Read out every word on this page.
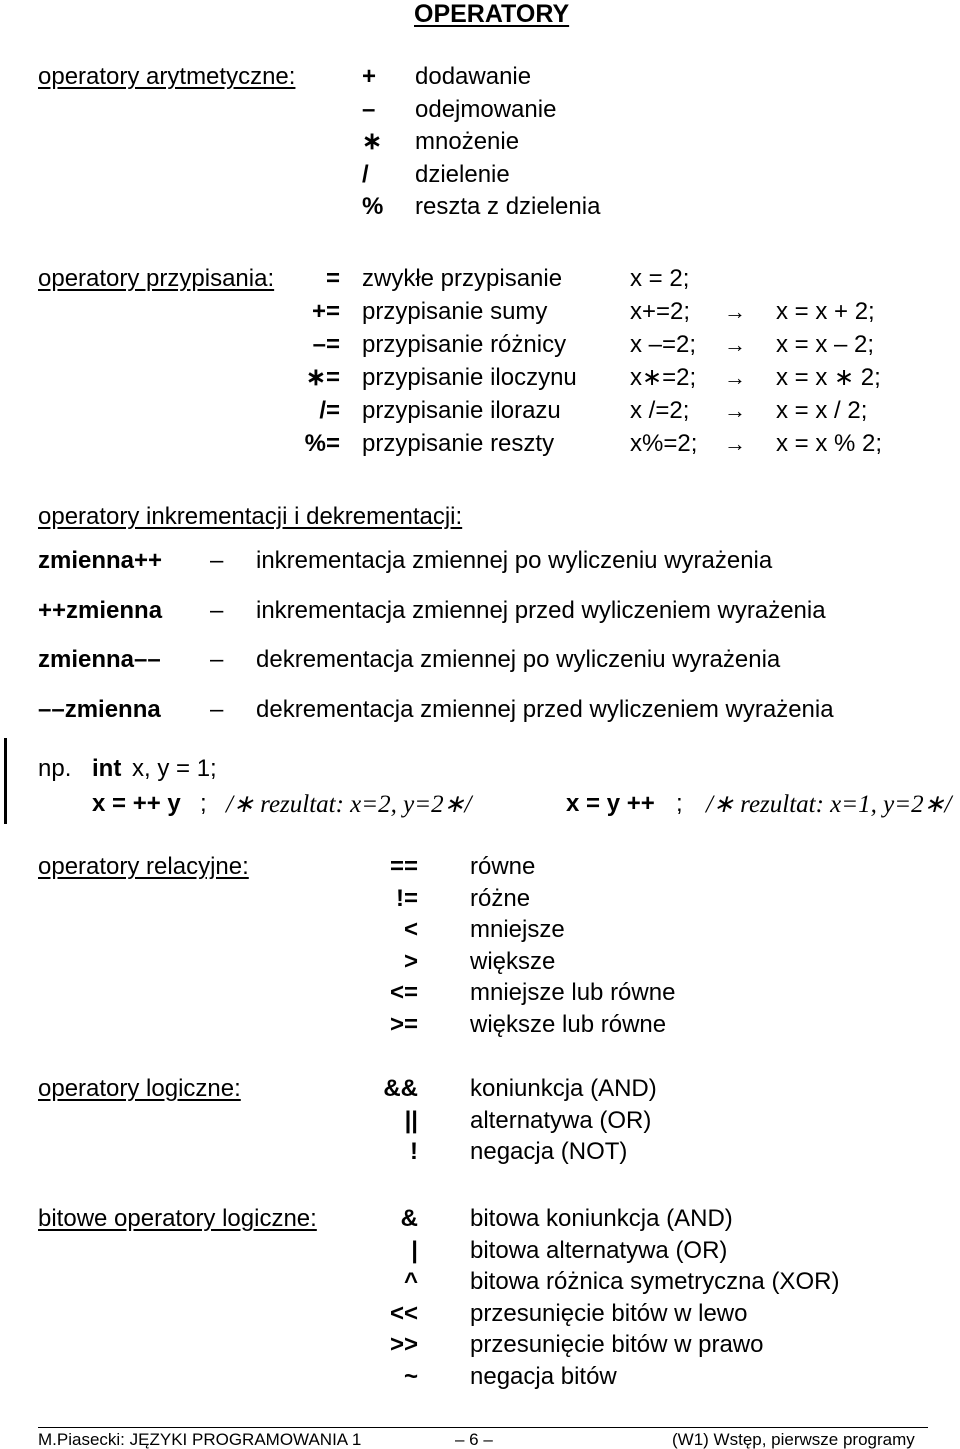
OPERATORY
operatory arytmetyczne:	+ dodawanie
– odejmowanie
∗ mnożenie
/ dzielenie
% reszta z dzielenia
operatory przypisania:	= zwykłe przypisanie	x = 2;
+= przypisanie sumy	x+=2; → x = x + 2;
–= przypisanie różnicy	x –=2; → x = x – 2;
∗= przypisanie iloczynu x∗=2; → x = x ∗ 2;
/= przypisanie ilorazu	x /=2; → x = x / 2;
%= przypisanie reszty	x%=2; → x = x % 2;
operatory inkrementacji i dekrementacji:
zmienna++ – inkrementacja zmiennej po wyliczeniu wyrażenia
++zmienna – inkrementacja zmiennej przed wyliczeniem wyrażenia
zmienna–– – dekrementacja zmiennej po wyliczeniu wyrażenia
––zmienna – dekrementacja zmiennej przed wyliczeniem wyrażenia
np. int x, y = 1;
x = ++ y ; /∗ rezultat: x=2, y=2∗/	x = y ++ ; /∗ rezultat: x=1, y=2∗/
operatory relacyjne:	== równe
!= różne
< mniejsze
> większe
<= mniejsze lub równe
>= większe lub równe
operatory logiczne:	&& koniunkcja (AND)
|| alternatywa (OR)
! negacja (NOT)
bitowe operatory logiczne:	& bitowa koniunkcja (AND)
| bitowa alternatywa (OR)
^ bitowa różnica symetryczna (XOR)
<< przesunięcie bitów w lewo
>> przesunięcie bitów w prawo
~ negacja bitów
M.Piasecki: JĘZYKI PROGRAMOWANIA 1	– 6 –	(W1) Wstęp, pierwsze programy
